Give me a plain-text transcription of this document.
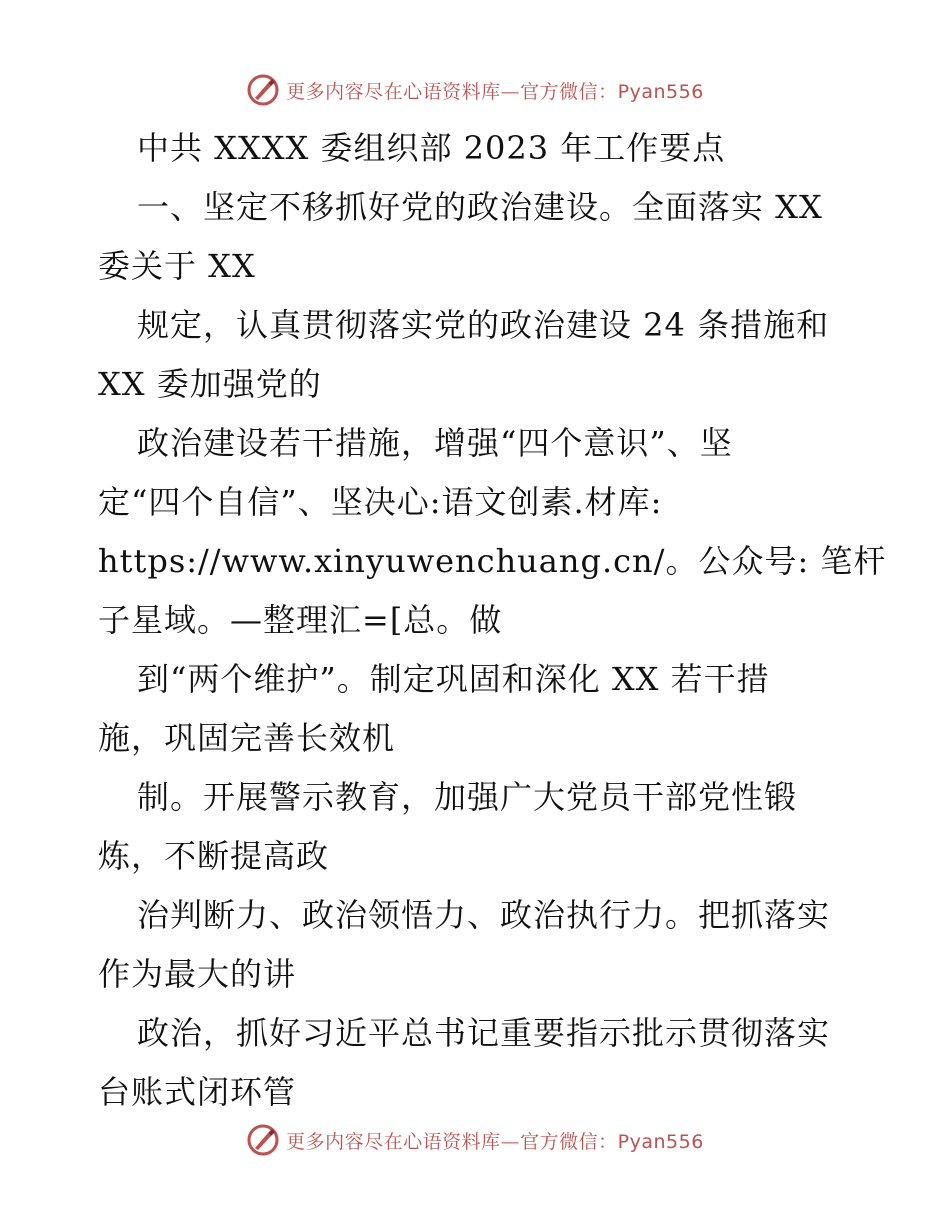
更多内容尽在心语资料库—官方微信：Pyan556
中共 XXXX 委组织部 2023 年工作要点
一、坚定不移抓好党的政治建设。全面落实 XX
委关于 XX
规定，认真贯彻落实党的政治建设 24 条措施和
XX 委加强党的
政治建设若干措施，增强“四个意识”、坚
定“四个自信”、坚决心:语文创素.材库:
https://www.xinyuwenchuang.cn/。公众号: 笔杆
子星域。—整理汇=[总。做
到“两个维护”。制定巩固和深化 XX 若干措
施，巩固完善长效机
制。开展警示教育，加强广大党员干部党性锻
炼，不断提高政
治判断力、政治领悟力、政治执行力。把抓落实
作为最大的讲
政治，抓好习近平总书记重要指示批示贯彻落实
台账式闭环管
更多内容尽在心语资料库—官方微信：Pyan556
